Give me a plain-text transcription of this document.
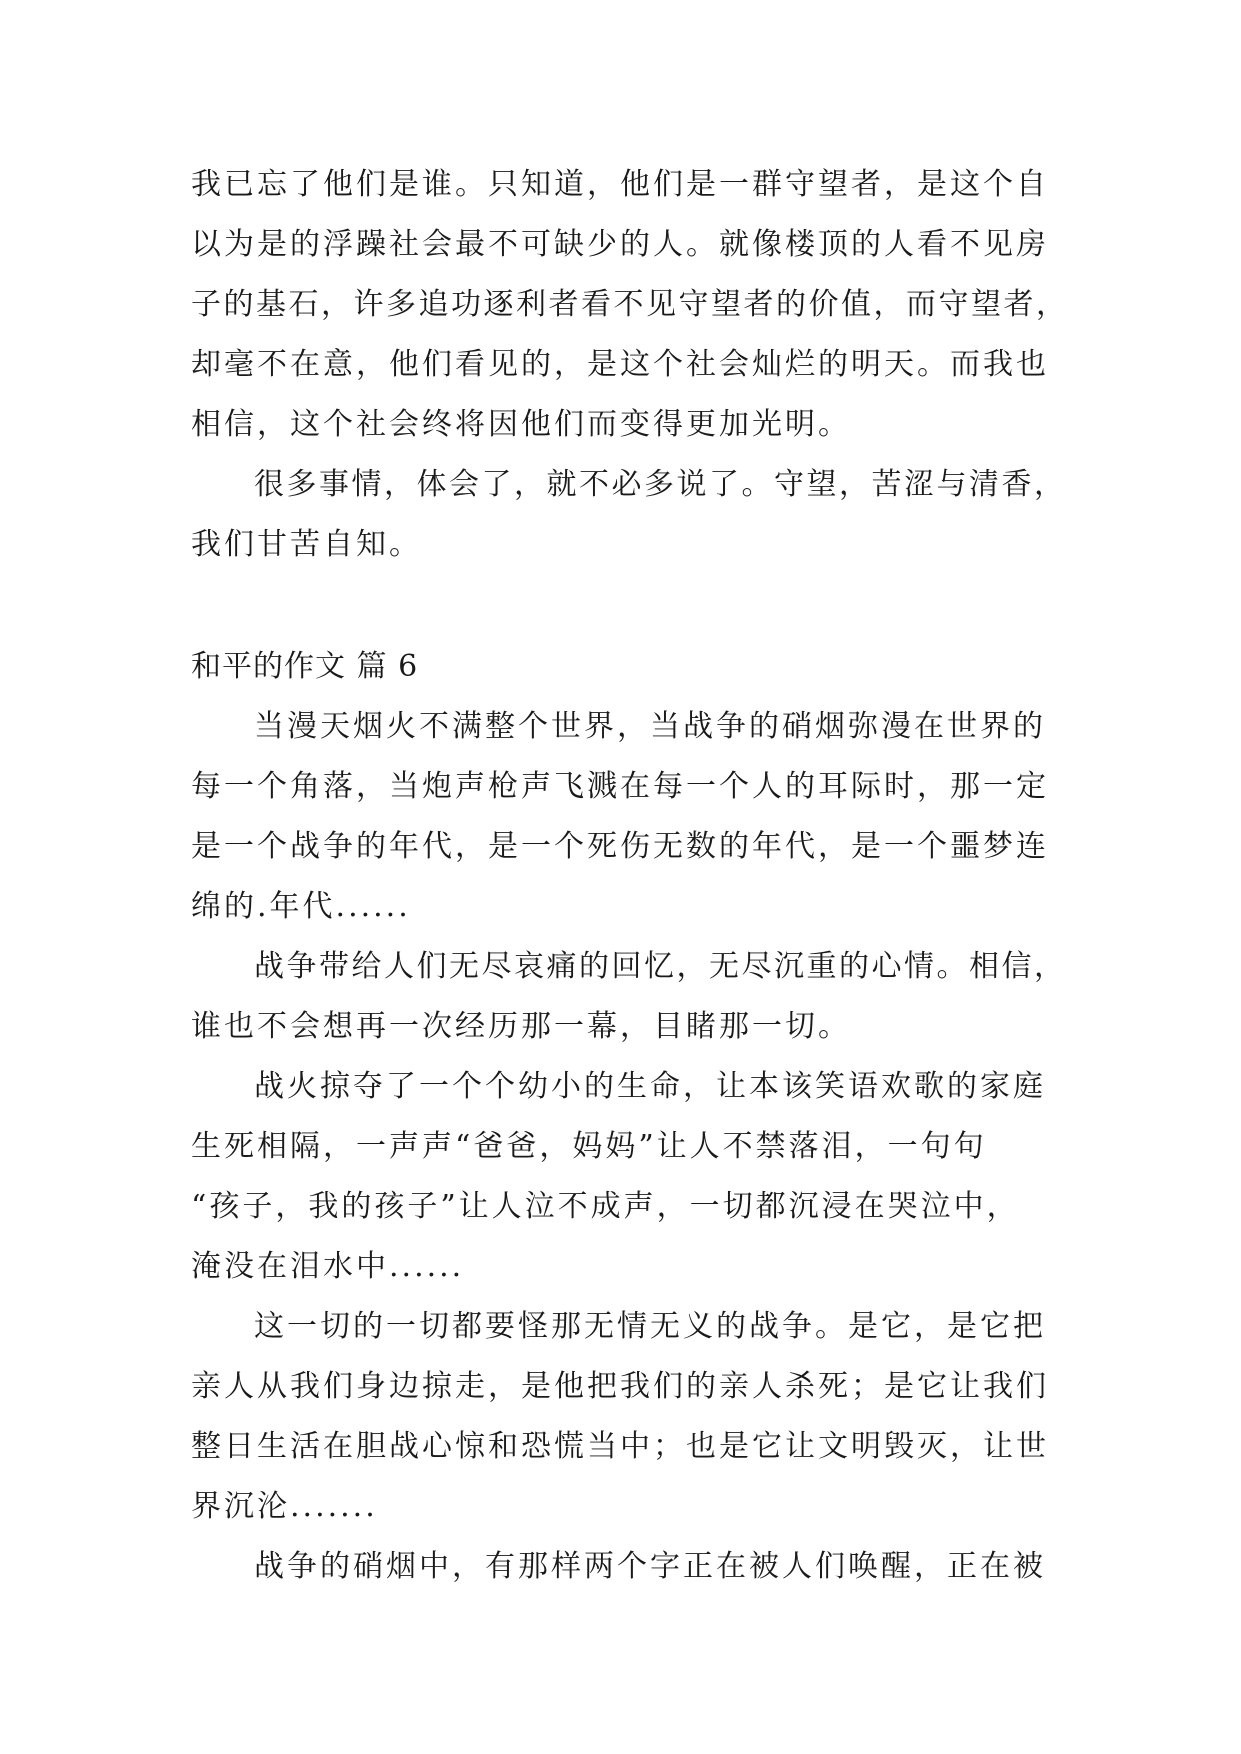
我已忘了他们是谁。只知道，他们是一群守望者，是这个自
以为是的浮躁社会最不可缺少的人。就像楼顶的人看不见房
子的基石，许多追功逐利者看不见守望者的价值，而守望者，
却毫不在意，他们看见的，是这个社会灿烂的明天。而我也
相信，这个社会终将因他们而变得更加光明。
很多事情，体会了，就不必多说了。守望，苦涩与清香，
我们甘苦自知。
和平的作文 篇 6
当漫天烟火不满整个世界，当战争的硝烟弥漫在世界的
每一个角落，当炮声枪声飞溅在每一个人的耳际时，那一定
是一个战争的年代，是一个死伤无数的年代，是一个噩梦连
绵的.年代......
战争带给人们无尽哀痛的回忆，无尽沉重的心情。相信，
谁也不会想再一次经历那一幕，目睹那一切。
战火掠夺了一个个幼小的生命，让本该笑语欢歌的家庭
生死相隔，一声声“爸爸，妈妈”让人不禁落泪，一句句
“孩子，我的孩子”让人泣不成声，一切都沉浸在哭泣中，
淹没在泪水中......
这一切的一切都要怪那无情无义的战争。是它，是它把
亲人从我们身边掠走，是他把我们的亲人杀死；是它让我们
整日生活在胆战心惊和恐慌当中；也是它让文明毁灭，让世
界沉沦.......
战争的硝烟中，有那样两个字正在被人们唤醒，正在被
